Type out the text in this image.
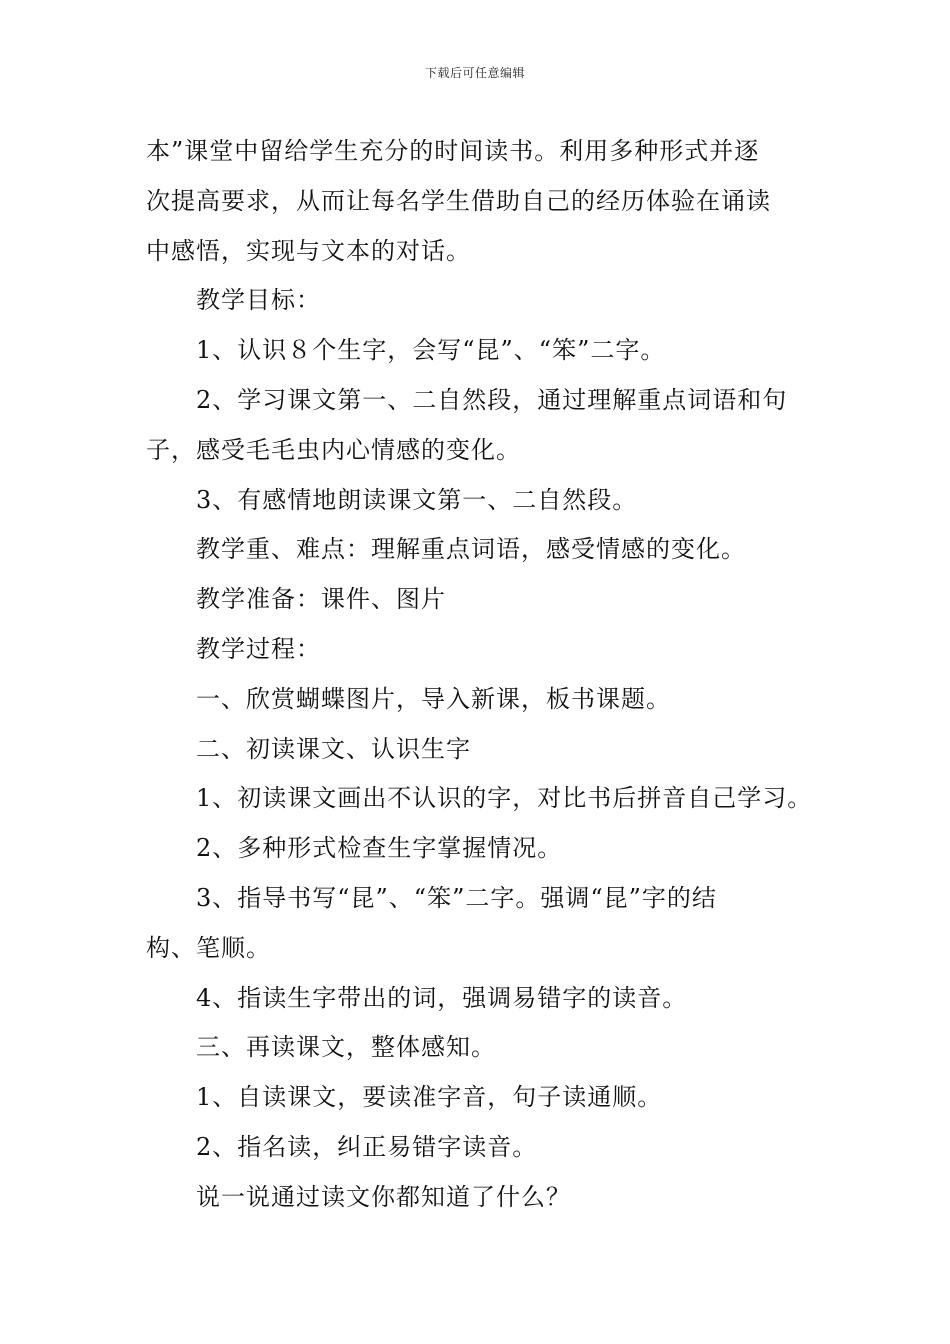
下载后可任意编辑
本”课堂中留给学生充分的时间读书。利用多种形式并逐
次提高要求，从而让每名学生借助自己的经历体验在诵读
中感悟，实现与文本的对话。
教学目标：
1、认识８个生字，会写“昆”、“笨”二字。
2、学习课文第一、二自然段，通过理解重点词语和句
子，感受毛毛虫内心情感的变化。
3、有感情地朗读课文第一、二自然段。
教学重、难点：理解重点词语，感受情感的变化。
教学准备：课件、图片
教学过程：
一、欣赏蝴蝶图片，导入新课，板书课题。
二、初读课文、认识生字
1、初读课文画出不认识的字，对比书后拼音自己学习。
2、多种形式检查生字掌握情况。
3、指导书写“昆”、“笨”二字。强调“昆”字的结
构、笔顺。
4、指读生字带出的词，强调易错字的读音。
三、再读课文，整体感知。
1、自读课文，要读准字音，句子读通顺。
2、指名读，纠正易错字读音。
说一说通过读文你都知道了什么？
